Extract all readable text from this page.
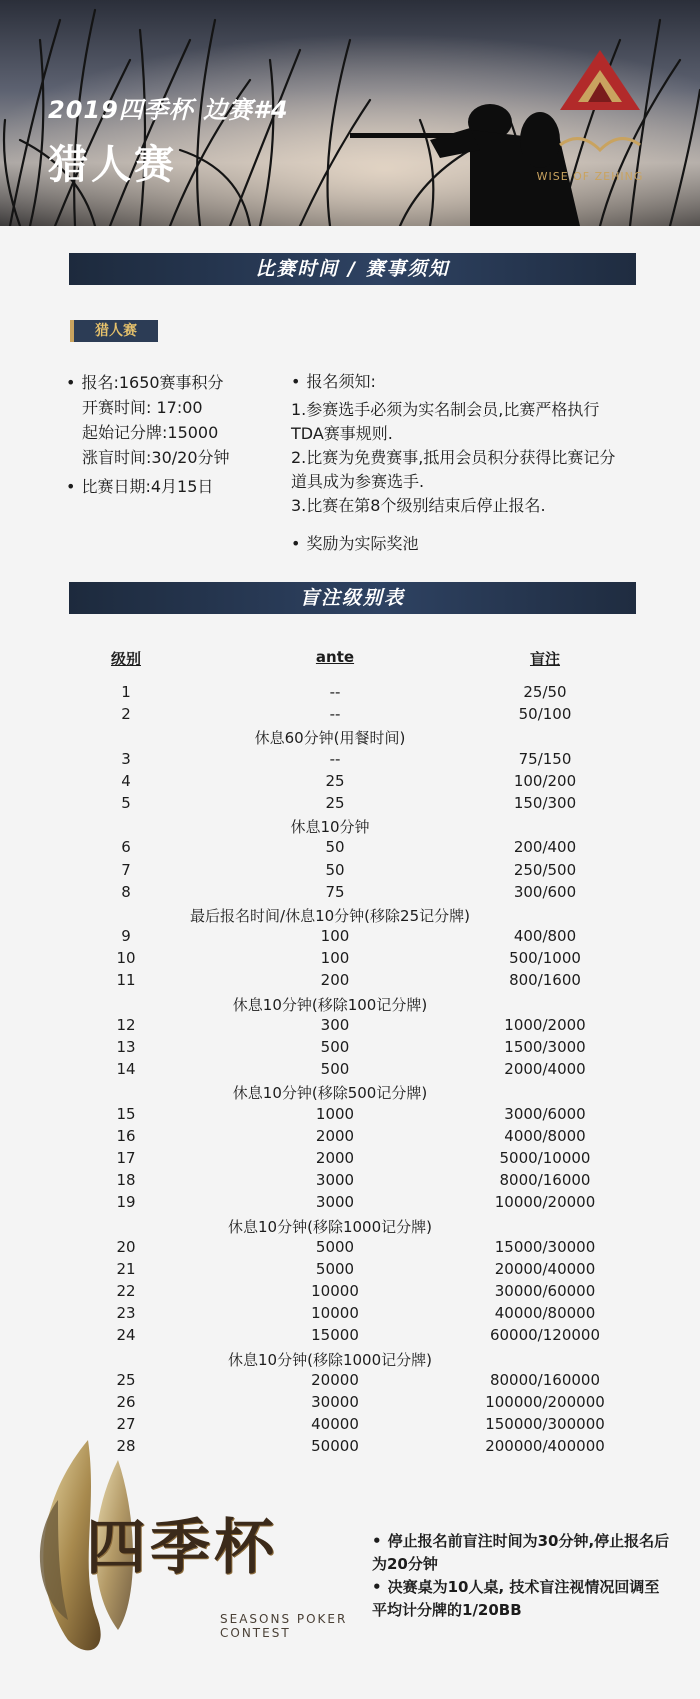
2019四季杯 边赛#4
猎人赛	WISE OF ZEHING
比赛时间 / 赛事须知
猎人赛
• 报名:1650赛事积分
开赛时间: 17:00
起始记分牌:15000
涨盲时间:30/20分钟
• 比赛日期:4月15日
• 报名须知:
1.参赛选手必须为实名制会员,比赛严格执行TDA赛事规则.
2.比赛为免费赛事,抵用会员积分获得比赛记分道具成为参赛选手.
3.比赛在第8个级别结束后停止报名.
• 奖励为实际奖池
盲注级别表
级别	ante	盲注
1	--	25/50
2	--	50/100
休息60分钟(用餐时间)
3	--	75/150
4	25	100/200
5	25	150/300
休息10分钟
6	50	200/400
7	50	250/500
8	75	300/600
最后报名时间/休息10分钟(移除25记分牌)
9	100	400/800
10	100	500/1000
11	200	800/1600
休息10分钟(移除100记分牌)
12	300	1000/2000
13	500	1500/3000
14	500	2000/4000
休息10分钟(移除500记分牌)
15	1000	3000/6000
16	2000	4000/8000
17	2000	5000/10000
18	3000	8000/16000
19	3000	10000/20000
休息10分钟(移除1000记分牌)
20	5000	15000/30000
21	5000	20000/40000
22	10000	30000/60000
23	10000	40000/80000
24	15000	60000/120000
休息10分钟(移除1000记分牌)
25	20000	80000/160000
26	30000	100000/200000
27	40000	150000/300000
28	50000	200000/400000
四季杯
SEASONS POKER
CONTEST
• 停止报名前盲注时间为30分钟,停止报名后为20分钟
• 决赛桌为10人桌, 技术盲注视情况回调至平均计分牌的1/20BB
